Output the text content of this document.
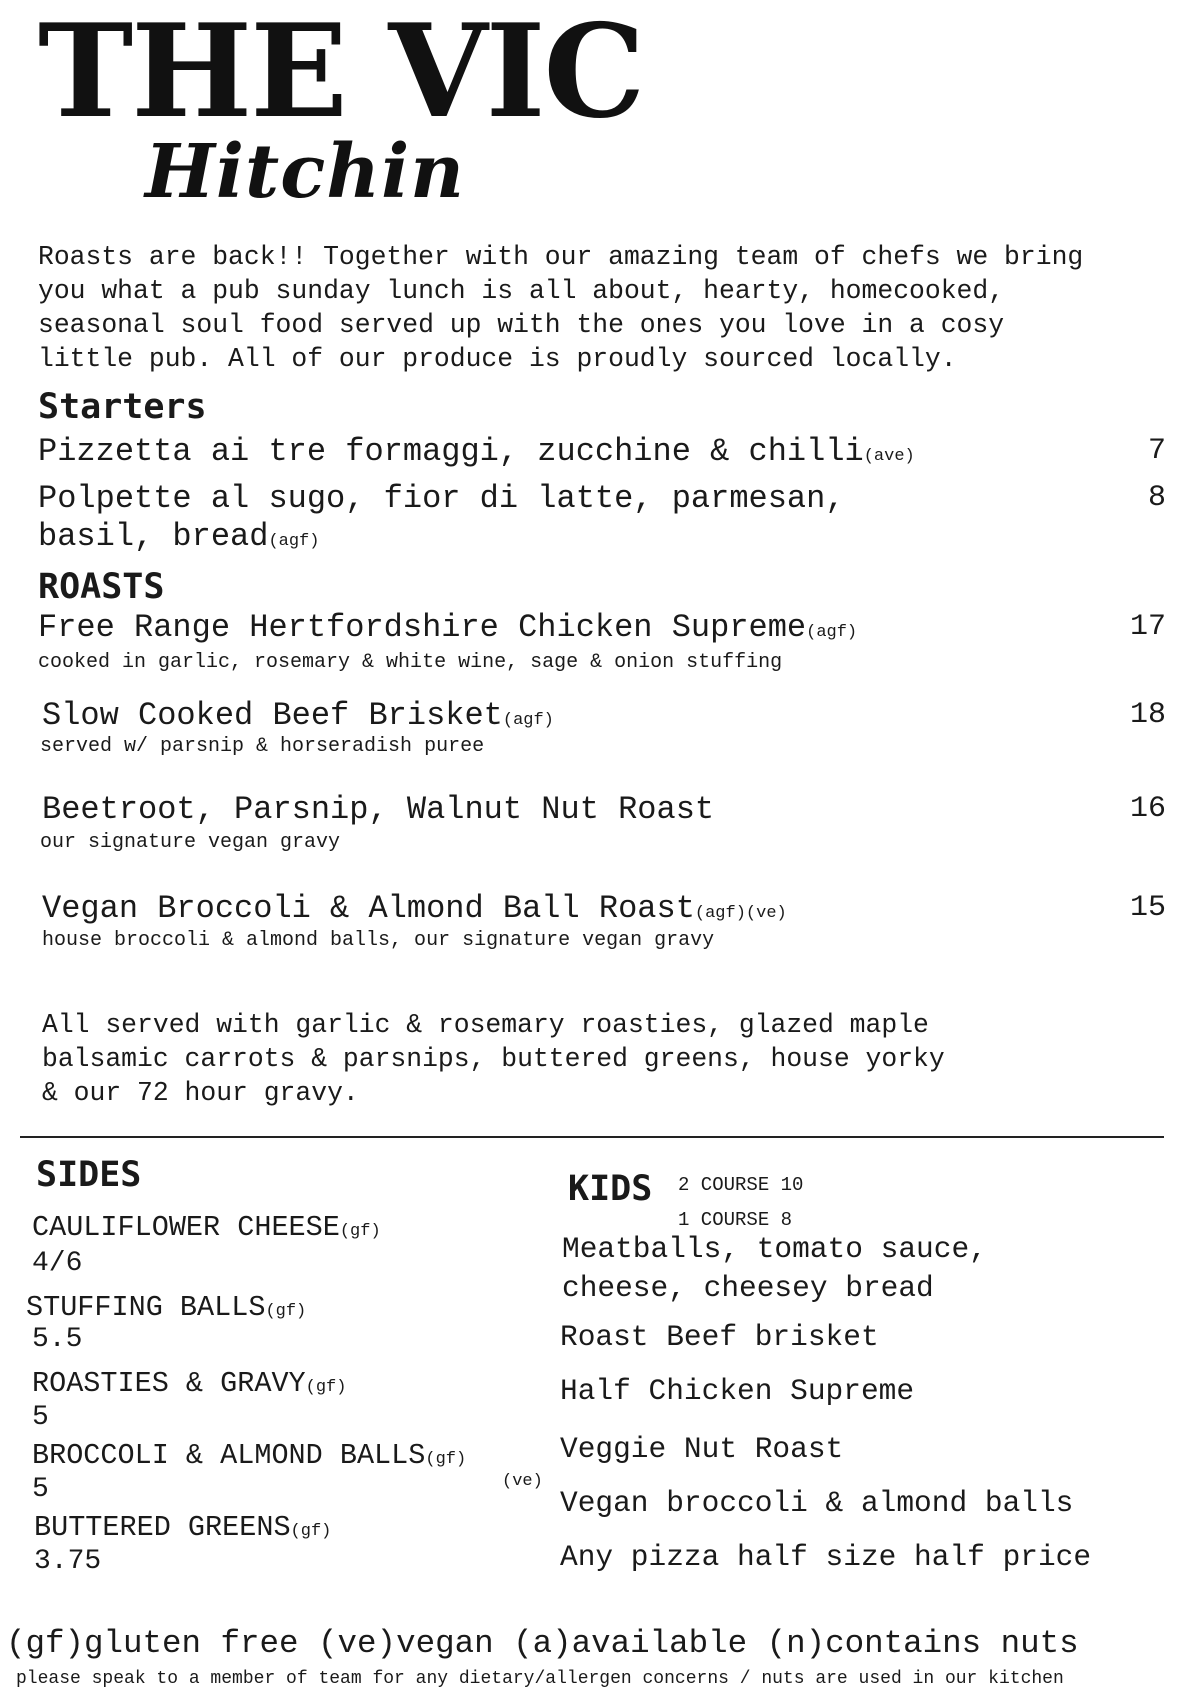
THE VIC
Hitchin
Roasts are back!! Together with our amazing team of chefs we bring
you what a pub sunday lunch is all about, hearty, homecooked,
seasonal soul food served up with the ones you love in a cosy
little pub. All of our produce is proudly sourced locally.
Starters
Pizzetta ai tre formaggi, zucchine & chilli(ave)	7
Polpette al sugo, fior di latte, parmesan,
basil, bread(agf)
8
ROASTS
Free Range Hertfordshire Chicken Supreme(agf)	17
cooked in garlic, rosemary & white wine, sage & onion stuffing
Slow Cooked Beef Brisket(agf)	18
served w/ parsnip & horseradish puree
Beetroot, Parsnip, Walnut Nut Roast	16
our signature vegan gravy
Vegan Broccoli & Almond Ball Roast(agf)(ve)	15
house broccoli & almond balls, our signature vegan gravy
All served with garlic & rosemary roasties, glazed maple
balsamic carrots & parsnips, buttered greens, house yorky
& our 72 hour gravy.
SIDES
CAULIFLOWER CHEESE(gf)
4/6
STUFFING BALLS(gf)
5.5
ROASTIES & GRAVY(gf)
5
BROCCOLI & ALMOND BALLS(gf)
(ve)
5
BUTTERED GREENS(gf)
3.75
KIDS 2 COURSE 10
1 COURSE 8
Meatballs, tomato sauce,
cheese, cheesey bread
Roast Beef brisket
Half Chicken Supreme
Veggie Nut Roast
Vegan broccoli & almond balls
Any pizza half size half price
(gf)gluten free (ve)vegan (a)available (n)contains nuts
please speak to a member of team for any dietary/allergen concerns / nuts are used in our kitchen
